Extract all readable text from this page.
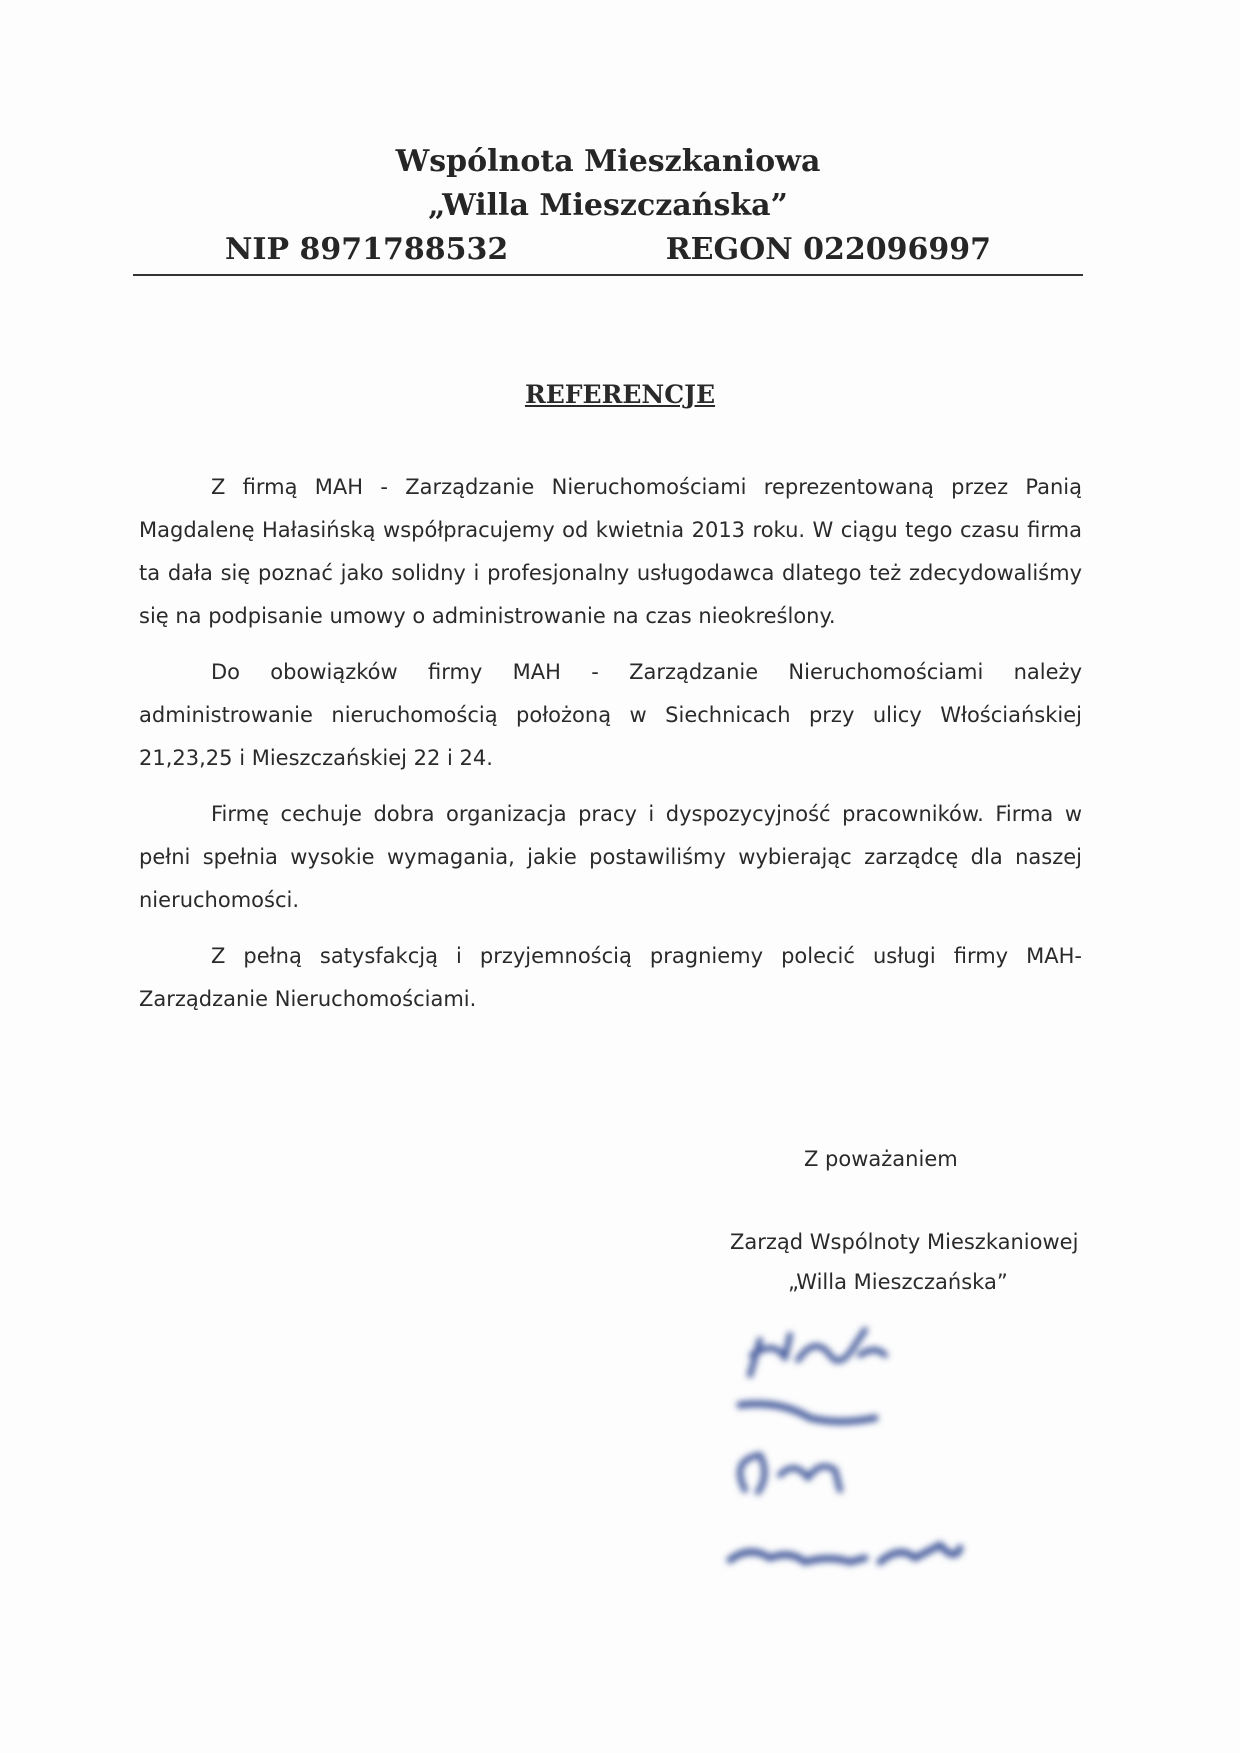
Wspólnota Mieszkaniowa

„Willa Mieszczańska”

NIP 8971788532	REGON 022096997
REFERENCJE

Z firmą MAH - Zarządzanie Nieruchomościami reprezentowaną przez Panią Magdalenę Hałasińską współpracujemy od kwietnia 2013 roku. W ciągu tego czasu firma ta dała się poznać jako solidny i profesjonalny usługodawca dlatego też zdecydowaliśmy się na podpisanie umowy o administrowanie na czas nieokreślony.

Do obowiązków firmy MAH - Zarządzanie Nieruchomościami należy administrowanie nieruchomością położoną w Siechnicach przy ulicy Włościańskiej 21,23,25 i Mieszczańskiej 22 i 24.

Firmę cechuje dobra organizacja pracy i dyspozycyjność pracowników. Firma w pełni spełnia wysokie wymagania, jakie postawiliśmy wybierając zarządcę dla naszej nieruchomości.

Z pełną satysfakcją i przyjemnością pragniemy polecić usługi firmy MAH-Zarządzanie Nieruchomościami.

Z poważaniem
Zarząd Wspólnoty Mieszkaniowej
„Willa Mieszczańska”
